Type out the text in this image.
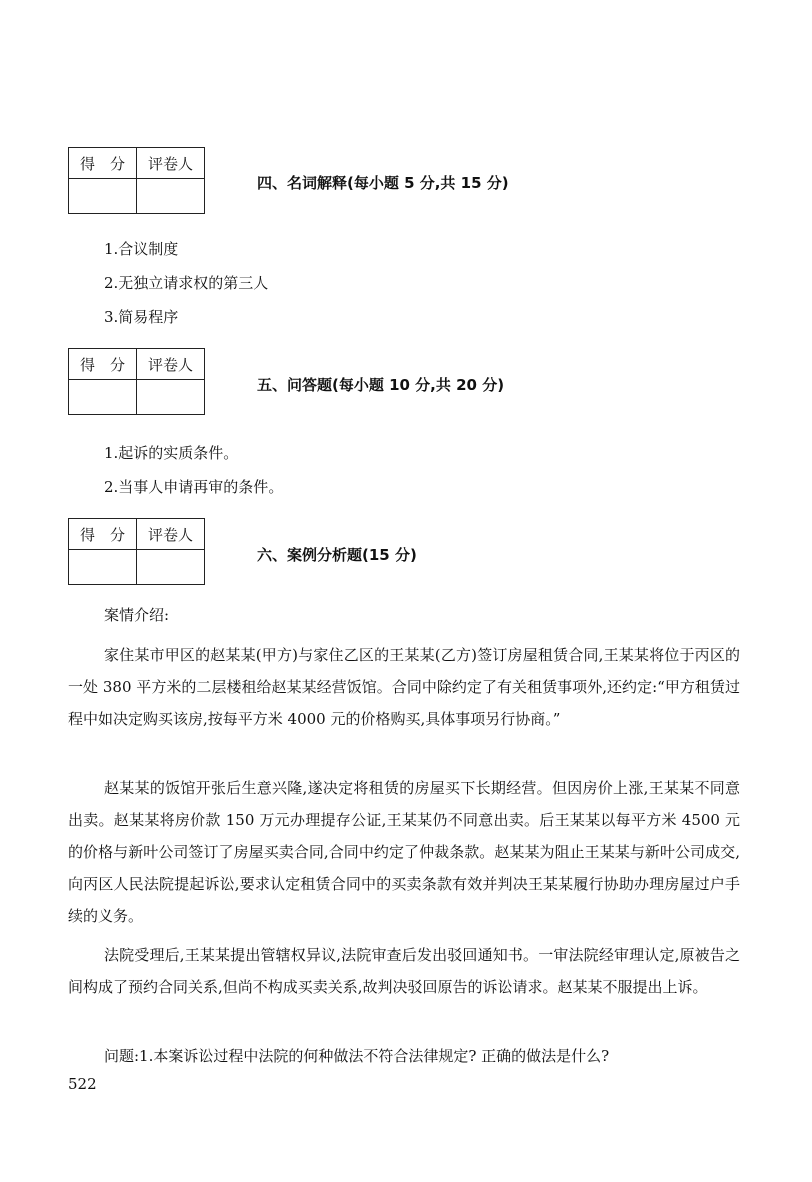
得　分	评卷人

四、名词解释(每小题 5 分,共 15 分)
1.合议制度
2.无独立请求权的第三人
3.简易程序
得　分	评卷人

五、问答题(每小题 10 分,共 20 分)
1.起诉的实质条件。
2.当事人申请再审的条件。
得　分	评卷人

六、案例分析题(15 分)
案情介绍:

家住某市甲区的赵某某(甲方)与家住乙区的王某某(乙方)签订房屋租赁合同,王某某将位于丙区的一处 380 平方米的二层楼租给赵某某经营饭馆。合同中除约定了有关租赁事项外,还约定:“甲方租赁过程中如决定购买该房,按每平方米 4000 元的价格购买,具体事项另行协商。”

赵某某的饭馆开张后生意兴隆,遂决定将租赁的房屋买下长期经营。但因房价上涨,王某某不同意出卖。赵某某将房价款 150 万元办理提存公证,王某某仍不同意出卖。后王某某以每平方米 4500 元的价格与新叶公司签订了房屋买卖合同,合同中约定了仲裁条款。赵某某为阻止王某某与新叶公司成交,向丙区人民法院提起诉讼,要求认定租赁合同中的买卖条款有效并判决王某某履行协助办理房屋过户手续的义务。

法院受理后,王某某提出管辖权异议,法院审查后发出驳回通知书。一审法院经审理认定,原被告之间构成了预约合同关系,但尚不构成买卖关系,故判决驳回原告的诉讼请求。赵某某不服提出上诉。

问题:1.本案诉讼过程中法院的何种做法不符合法律规定? 正确的做法是什么?

522
